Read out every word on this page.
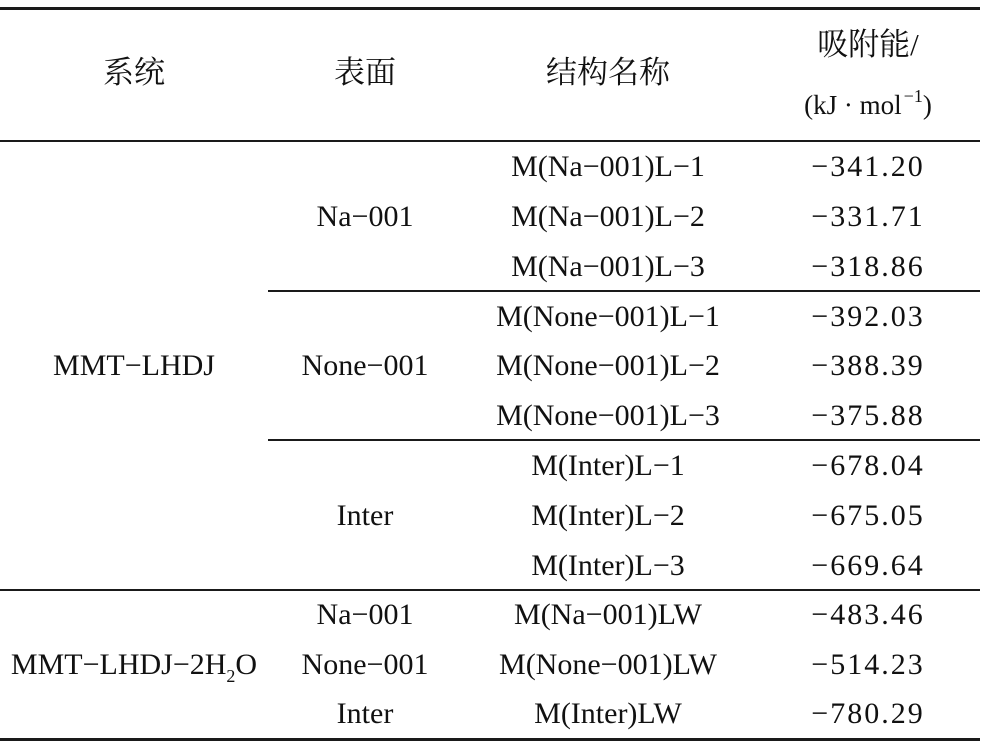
系统	表面	结构名称
吸附能/
(kJ · mol $^{-1}$)
MMT−LHDJ
$MMT-LHDJ-2H_2O$
Na−001
None−001
Inter
Na−001
None−001
Inter
M(Na−001)L−1
M(Na−001)L−2
M(Na−001)L−3
M(None−001)L−1
M(None−001)L−2
M(None−001)L−3
M(Inter)L−1
M(Inter)L−2
M(Inter)L−3
M(Na−001)LW
M(None−001)LW
M(Inter)LW
−341.20
−331.71
−318.86
−392.03
−388.39
−375.88
−678.04
−675.05
−669.64
−483.46
−514.23
−780.29
